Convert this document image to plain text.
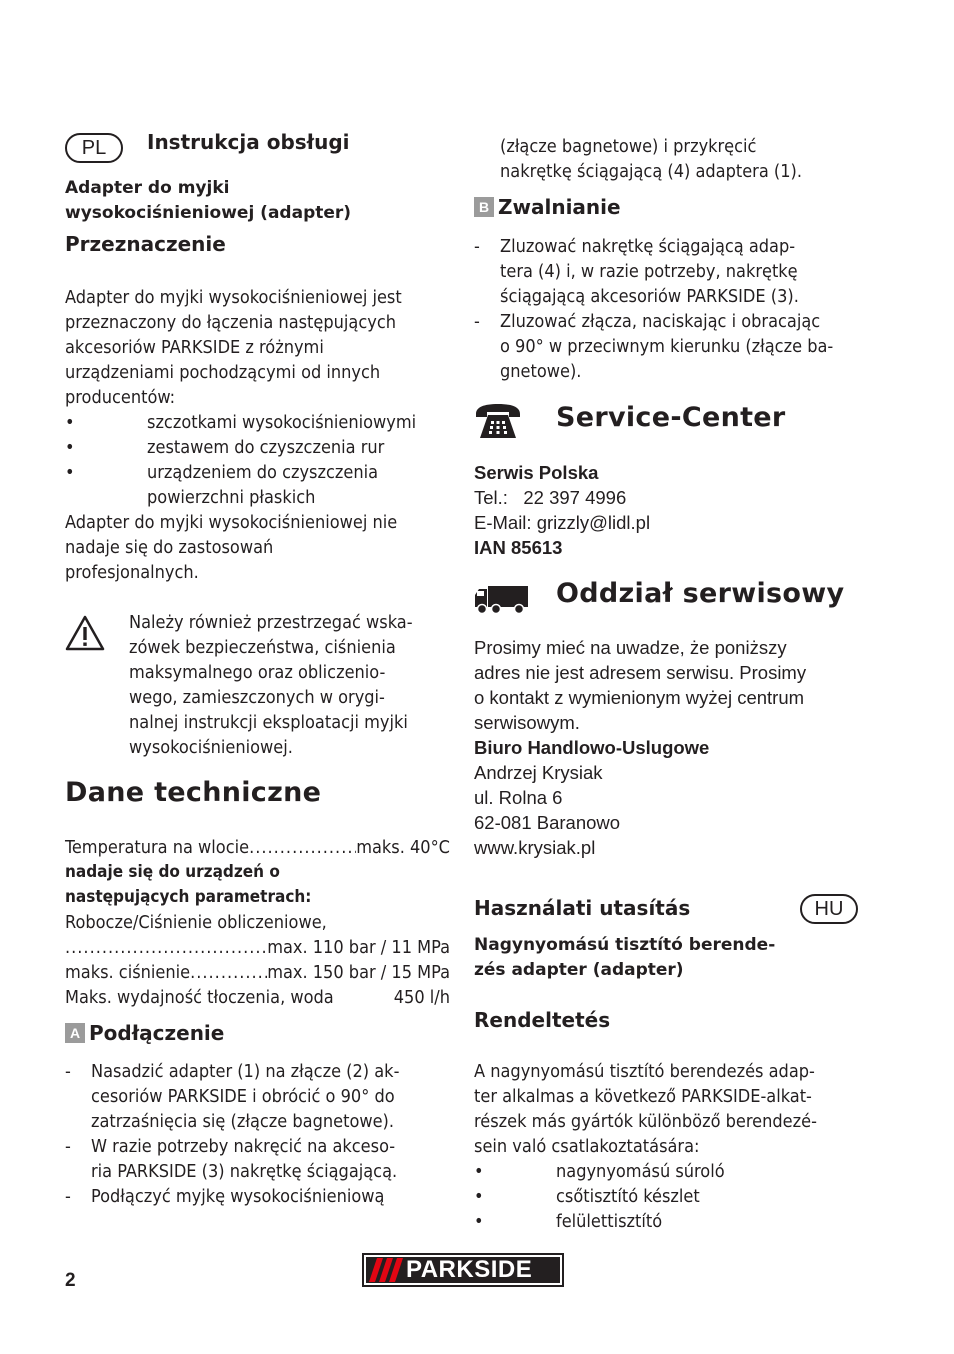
PL	Instrukcja obsługi
Adapter do myjki
wysokociśnieniowej (adapter)
Przeznaczenie
Adapter do myjki wysokociśnieniowej jest
przeznaczony do łączenia następujących
akcesoriów PARKSIDE z różnymi
urządzeniami pochodzącymi od innych
producentów:
•	szczotkami wysokociśnieniowymi
•	zestawem do czyszczenia rur
•	urządzeniem do czyszczenia
powierzchni płaskich
Adapter do myjki wysokociśnieniowej nie
nadaje się do zastosowań
profesjonalnych.
Należy również przestrzegać wska-
zówek bezpieczeństwa, ciśnienia
maksymalnego oraz obliczenio-
wego, zamieszczonych w orygi-
nalnej instrukcji eksploatacji myjki
wysokociśnieniowej.
Dane techniczne
Temperatura na wlocie .....	maks. 40°C
nadaje się do urządzeń o
następujących parametrach:
Robocze/Ciśnienie obliczeniowe,
.....
max. 110 bar / 11 MPa
maks. ciśnienie .....	max. 150 bar / 15 MPa
Maks. wydajność tłoczenia, woda	450 l/h
A Podłączenie
-	Nasadzić adapter (1) na złącze (2) ak-
cesoriów PARKSIDE i obrócić o 90° do
zatrzaśnięcia się (złącze bagnetowe).
-	W razie potrzeby nakręcić na akceso-
ria PARKSIDE (3) nakrętkę ściągającą.
-	Podłączyć myjkę wysokociśnieniową
(złącze bagnetowe) i przykręcić
nakrętkę ściągającą (4) adaptera (1).
B Zwalnianie
-	Zluzować nakrętkę ściągającą adap-
tera (4) i, w razie potrzeby, nakrętkę
ściągającą akcesoriów PARKSIDE (3).
-	Zluzować złącza, naciskając i obracając
o 90° w przeciwnym kierunku (złącze ba-
gnetowe).
Service-Center
Serwis Polska
Tel.:   22 397 4996
E-Mail: grizzly@lidl.pl
IAN 85613
Oddział serwisowy
Prosimy mieć na uwadze, że poniższy
adres nie jest adresem serwisu. Prosimy
o kontakt z wymienionym wyżej centrum
serwisowym.
Biuro Handlowo-Uslugowe
Andrzej Krysiak
ul. Rolna 6
62-081 Baranowo
www.krysiak.pl
Használati utasítás	HU
Nagynyomású tisztító berende-
zés adapter (adapter)
Rendeltetés
A nagynyomású tisztító berendezés adap-
ter alkalmas a következő PARKSIDE-alkat-
részek más gyártók különböző berendezé-
sein való csatlakoztatására:
•	nagynyomású súroló
•	csőtisztító készlet
•	felülettisztító
2	PARKSIDE
